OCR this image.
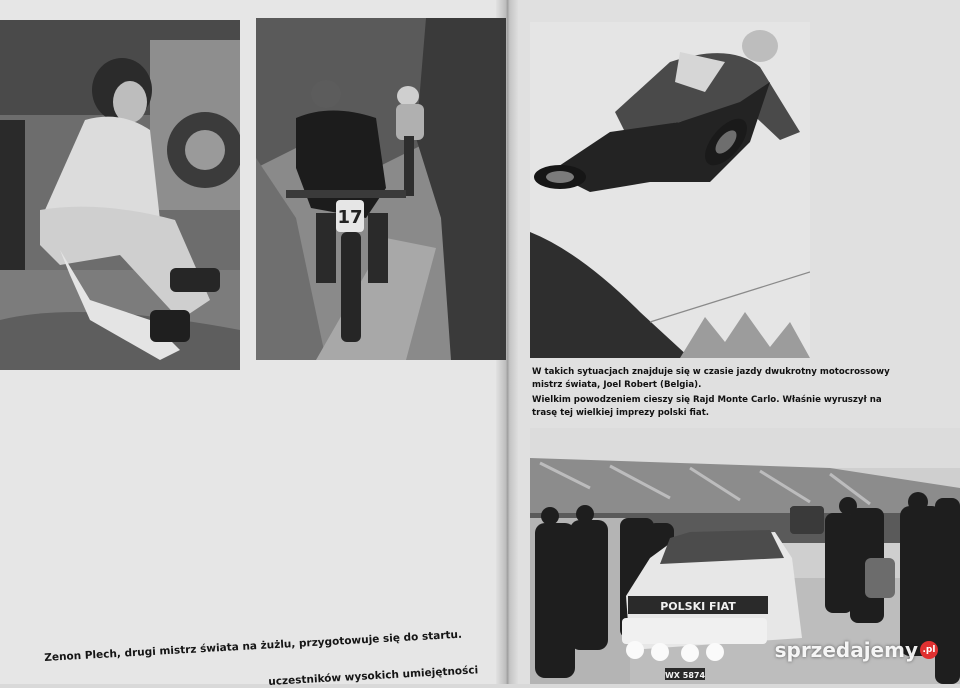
17
W takich sytuacjach znajduje się w czasie jazdy dwukrotny motocrossowy
mistrz świata, Joel Robert (Belgia).
Wielkim powodzeniem cieszy się Rajd Monte Carlo. Właśnie wyruszył na
trasę tej wielkiej imprezy polski fiat.
POLSKI FIAT
WX 5874
Zenon Plech, drugi mistrz świata na żużlu, przygotowuje się do startu.
uczestników wysokich umiejętności
sprzedajemy .pl
